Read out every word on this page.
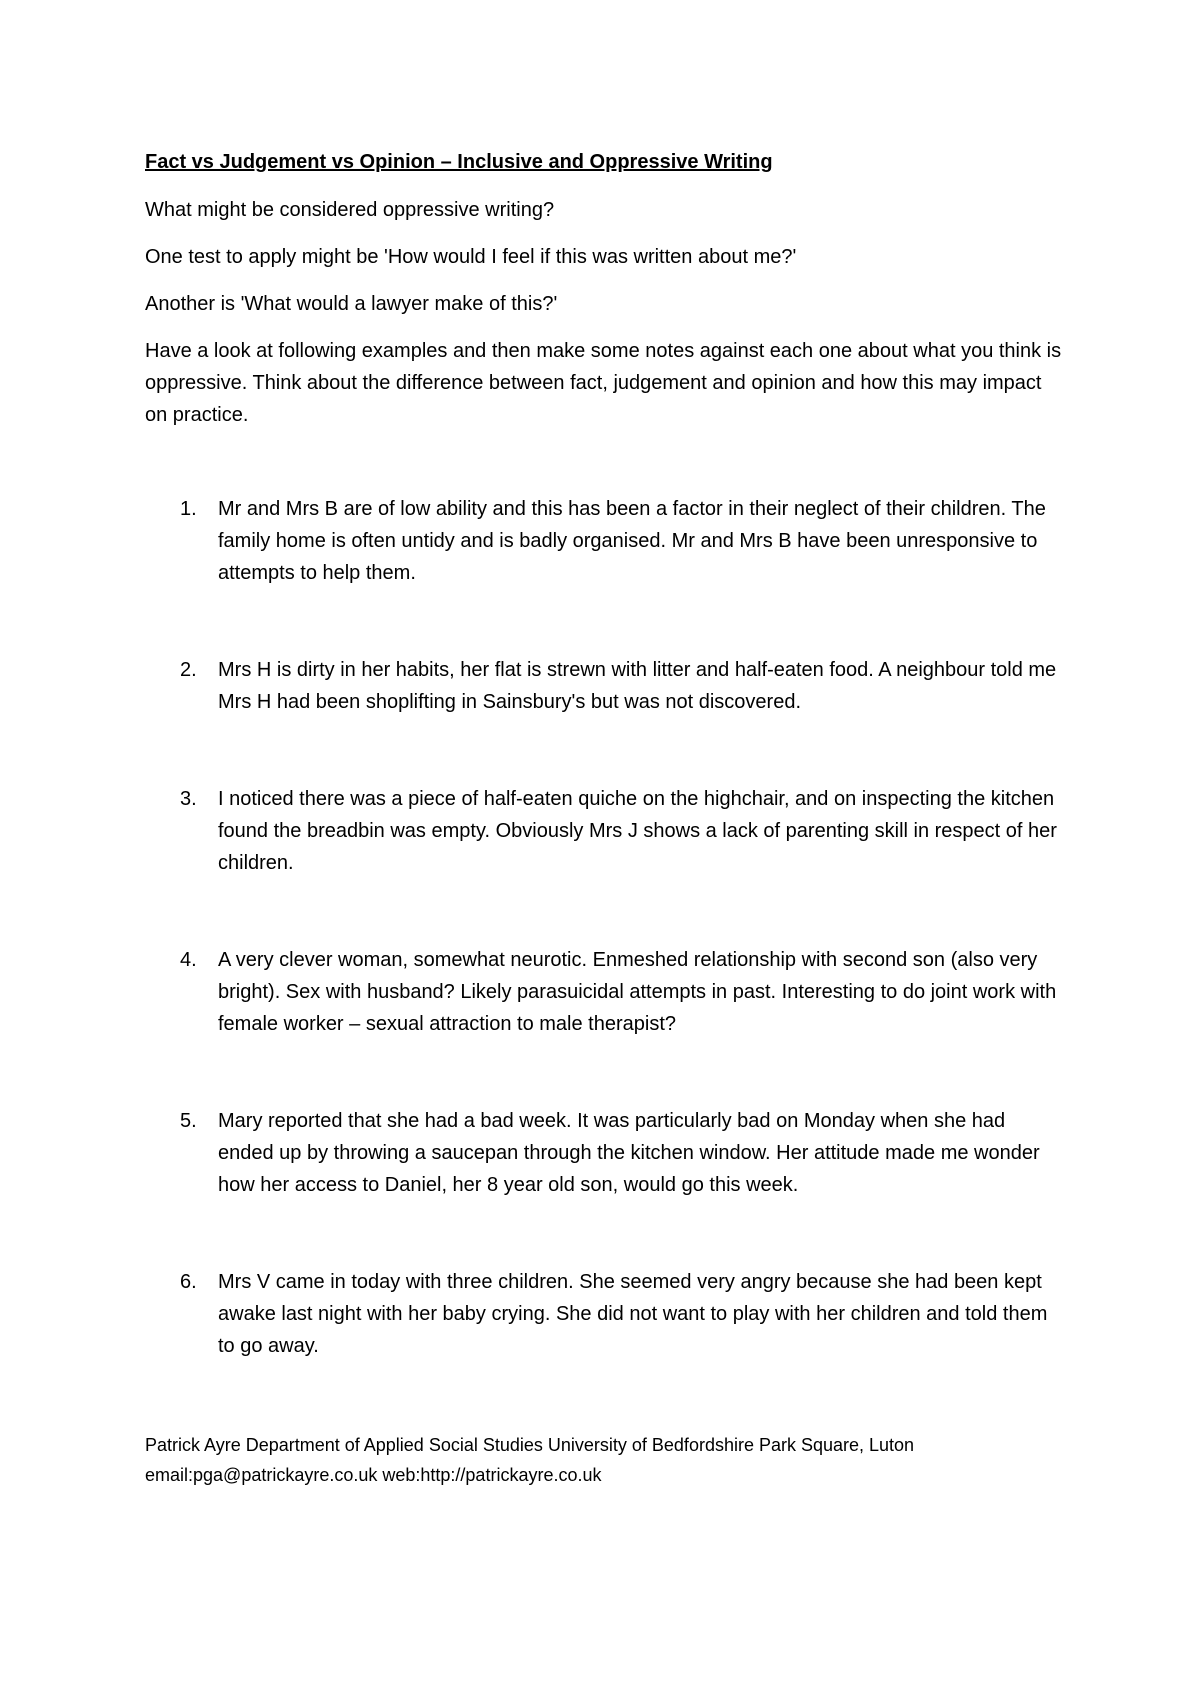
Fact vs Judgement vs Opinion – Inclusive and Oppressive Writing

What might be considered oppressive writing?

One test to apply might be 'How would I feel if this was written about me?'

Another is 'What would a lawyer make of this?'

Have a look at following examples and then make some notes against each one about what you think is oppressive. Think about the difference between fact, judgement and opinion and how this may impact on practice.

1.	Mr and Mrs B are of low ability and this has been a factor in their neglect of their children. The family home is often untidy and is badly organised. Mr and Mrs B have been unresponsive to attempts to help them.
2.	Mrs H is dirty in her habits, her flat is strewn with litter and half-eaten food. A neighbour told me Mrs H had been shoplifting in Sainsbury's but was not discovered.
3.	I noticed there was a piece of half-eaten quiche on the highchair, and on inspecting the kitchen found the breadbin was empty. Obviously Mrs J shows a lack of parenting skill in respect of her children.
4.	A very clever woman, somewhat neurotic. Enmeshed relationship with second son (also very bright). Sex with husband? Likely parasuicidal attempts in past. Interesting to do joint work with female worker – sexual attraction to male therapist?
5.	Mary reported that she had a bad week. It was particularly bad on Monday when she had ended up by throwing a saucepan through the kitchen window. Her attitude made me wonder how her access to Daniel, her 8 year old son, would go this week.
6.	Mrs V came in today with three children. She seemed very angry because she had been kept awake last night with her baby crying. She did not want to play with her children and told them to go away.
Patrick Ayre Department of Applied Social Studies University of Bedfordshire Park Square, Luton
email:pga@patrickayre.co.uk web:http://patrickayre.co.uk
